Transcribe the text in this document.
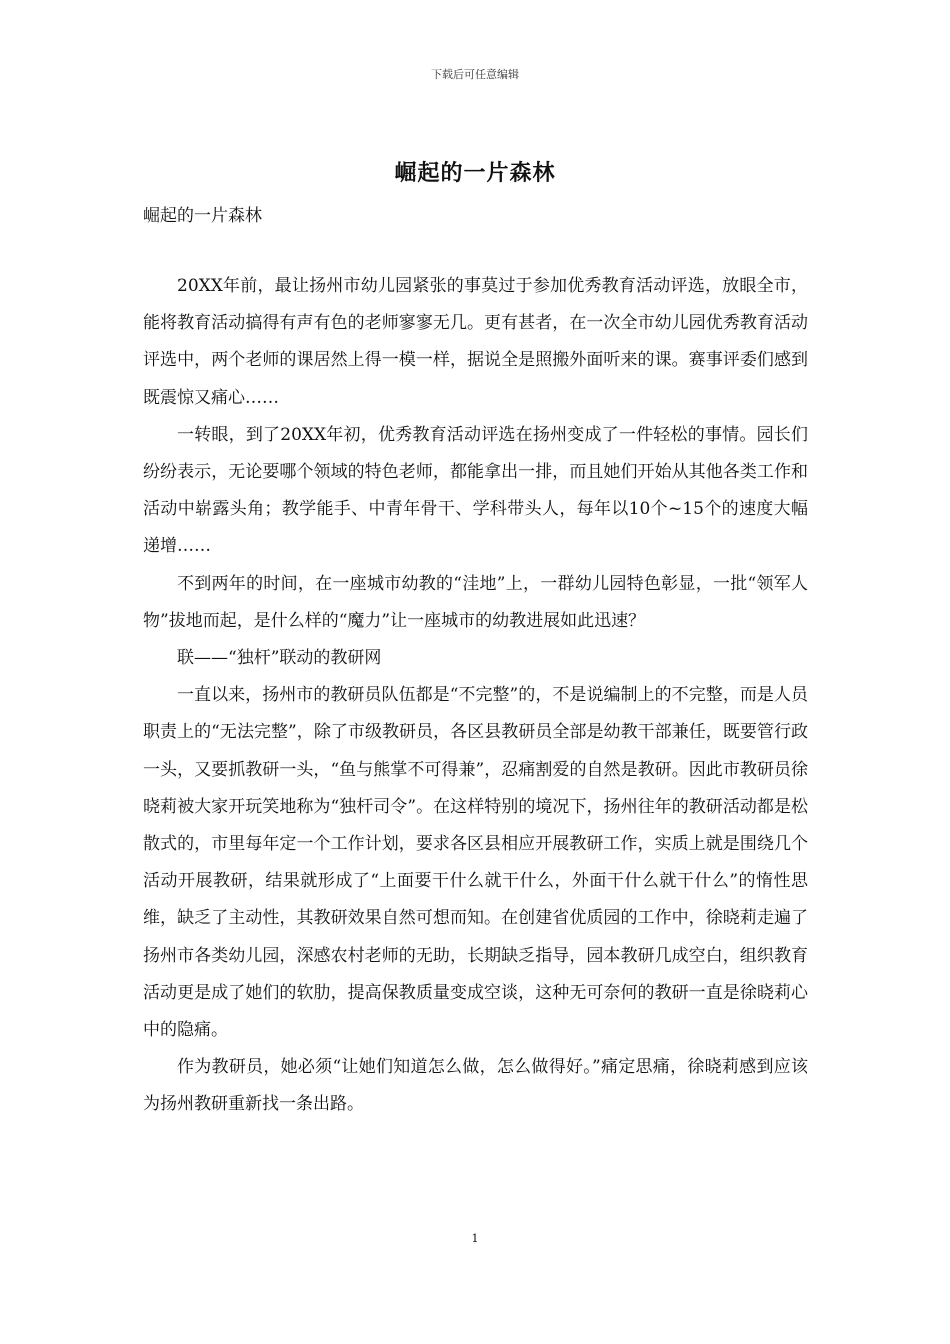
下载后可任意编辑
崛起的一片森林
崛起的一片森林

20XX年前，最让扬州市幼儿园紧张的事莫过于参加优秀教育活动评选，放眼全市，能将教育活动搞得有声有色的老师寥寥无几。更有甚者，在一次全市幼儿园优秀教育活动评选中，两个老师的课居然上得一模一样，据说全是照搬外面听来的课。赛事评委们感到既震惊又痛心……

一转眼，到了20XX年初，优秀教育活动评选在扬州变成了一件轻松的事情。园长们纷纷表示，无论要哪个领域的特色老师，都能拿出一排，而且她们开始从其他各类工作和活动中崭露头角；教学能手、中青年骨干、学科带头人，每年以10个~15个的速度大幅递增……

不到两年的时间，在一座城市幼教的“洼地”上，一群幼儿园特色彰显，一批“领军人物”拔地而起，是什么样的“魔力”让一座城市的幼教进展如此迅速？

联——“独杆”联动的教研网

一直以来，扬州市的教研员队伍都是“不完整”的，不是说编制上的不完整，而是人员职责上的“无法完整”，除了市级教研员，各区县教研员全部是幼教干部兼任，既要管行政一头，又要抓教研一头，“鱼与熊掌不可得兼”，忍痛割爱的自然是教研。因此市教研员徐晓莉被大家开玩笑地称为“独杆司令”。在这样特别的境况下，扬州往年的教研活动都是松散式的，市里每年定一个工作计划，要求各区县相应开展教研工作，实质上就是围绕几个活动开展教研，结果就形成了“上面要干什么就干什么，外面干什么就干什么”的惰性思维，缺乏了主动性，其教研效果自然可想而知。在创建省优质园的工作中，徐晓莉走遍了扬州市各类幼儿园，深感农村老师的无助，长期缺乏指导，园本教研几成空白，组织教育活动更是成了她们的软肋，提高保教质量变成空谈，这种无可奈何的教研一直是徐晓莉心中的隐痛。

作为教研员，她必须“让她们知道怎么做，怎么做得好。”痛定思痛，徐晓莉感到应该为扬州教研重新找一条出路。

1
